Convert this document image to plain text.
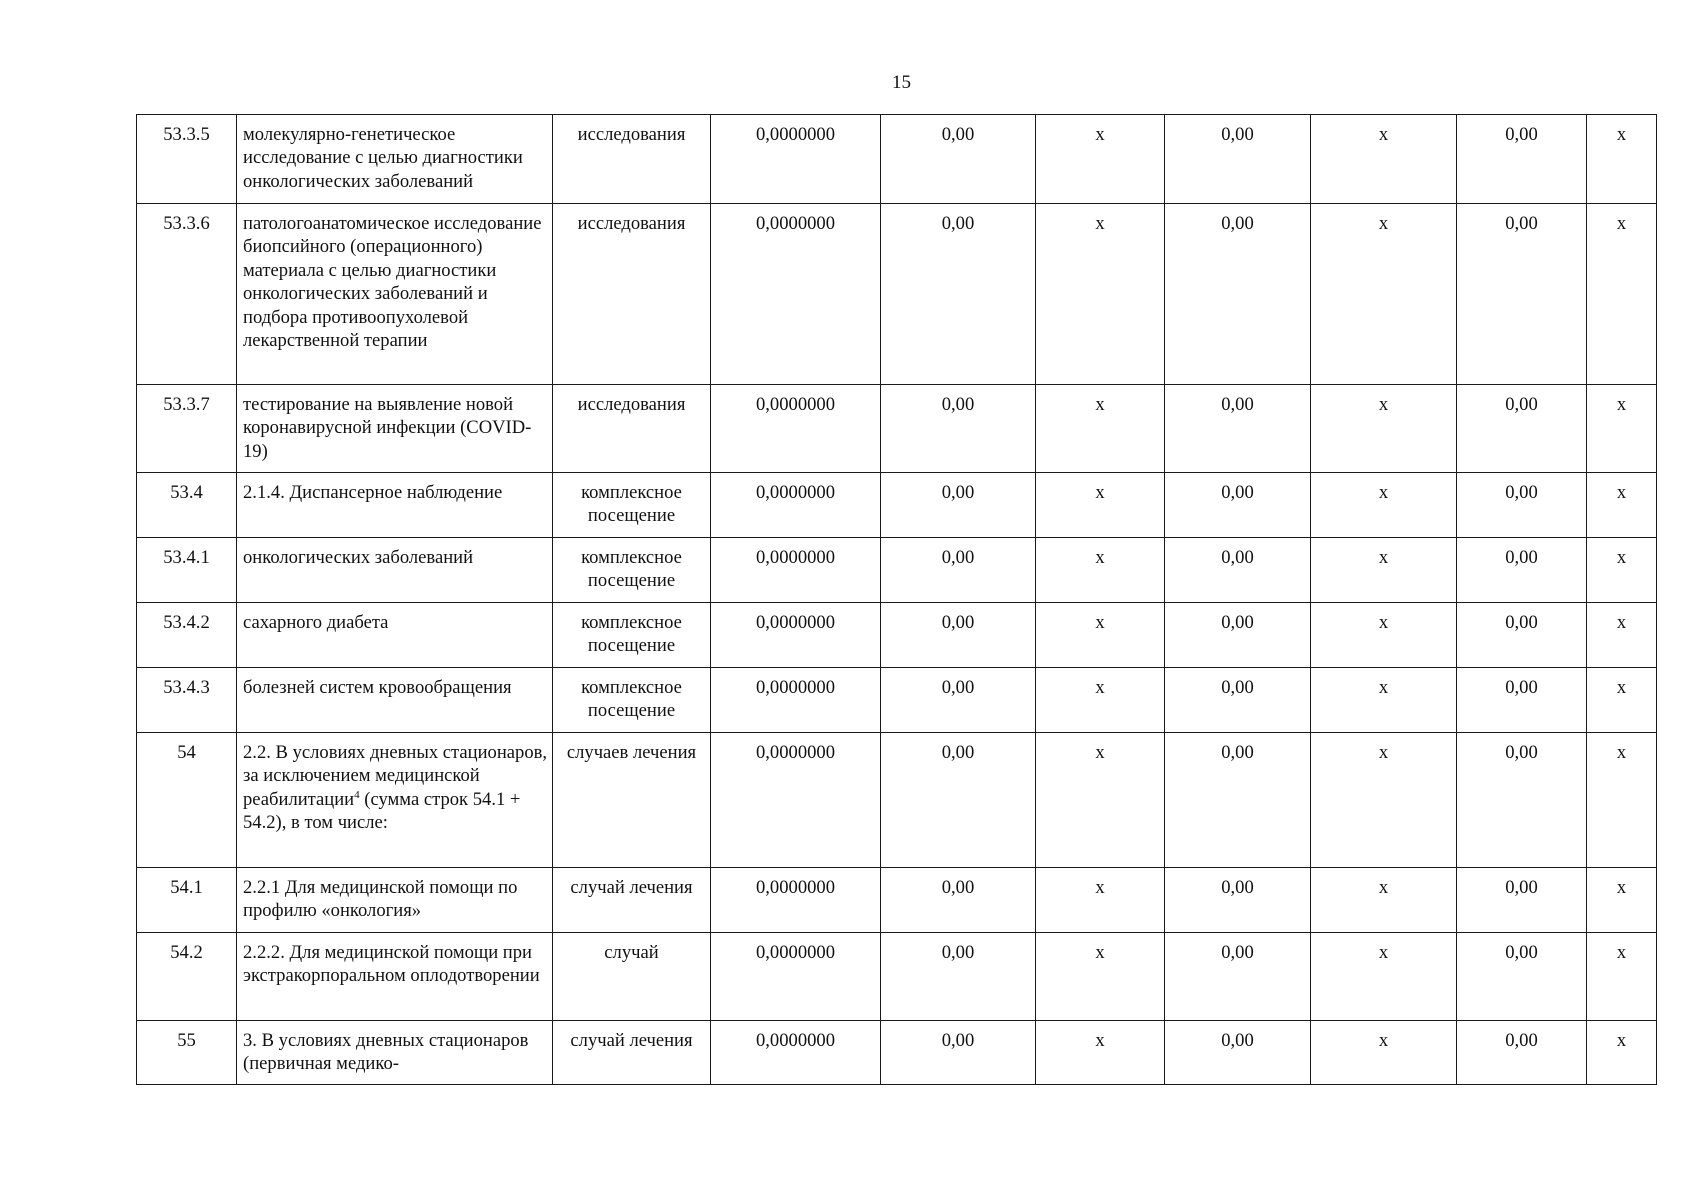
15
53.3.5	молекулярно-генетическое исследование с целью диагностики онкологических заболеваний	исследования	0,0000000	0,00	x	0,00	x	0,00	x
53.3.6	патологоанатомическое исследование биопсийного (операционного) материала с целью диагностики онкологических заболеваний и подбора противоопухолевой лекарственной терапии	исследования	0,0000000	0,00	x	0,00	x	0,00	x
53.3.7	тестирование на выявление новой коронавирусной инфекции (COVID-19)	исследования	0,0000000	0,00	x	0,00	x	0,00	x
53.4	2.1.4. Диспансерное наблюдение	комплексное посещение	0,0000000	0,00	x	0,00	x	0,00	x
53.4.1	онкологических заболеваний	комплексное посещение	0,0000000	0,00	x	0,00	x	0,00	x
53.4.2	сахарного диабета	комплексное посещение	0,0000000	0,00	x	0,00	x	0,00	x
53.4.3	болезней систем кровообращения	комплексное посещение	0,0000000	0,00	x	0,00	x	0,00	x
54	2.2. В условиях дневных стационаров, за исключением медицинской реабилитации$^4$ (сумма строк 54.1 + 54.2), в том числе:	случаев лечения	0,0000000	0,00	x	0,00	x	0,00	x
54.1	2.2.1 Для медицинской помощи по профилю «онкология»	случай лечения	0,0000000	0,00	x	0,00	x	0,00	x
54.2	2.2.2. Для медицинской помощи при экстракорпоральном оплодотворении	случай	0,0000000	0,00	x	0,00	x	0,00	x
55	3. В условиях дневных стационаров (первичная медико-	случай лечения	0,0000000	0,00	x	0,00	x	0,00	x
